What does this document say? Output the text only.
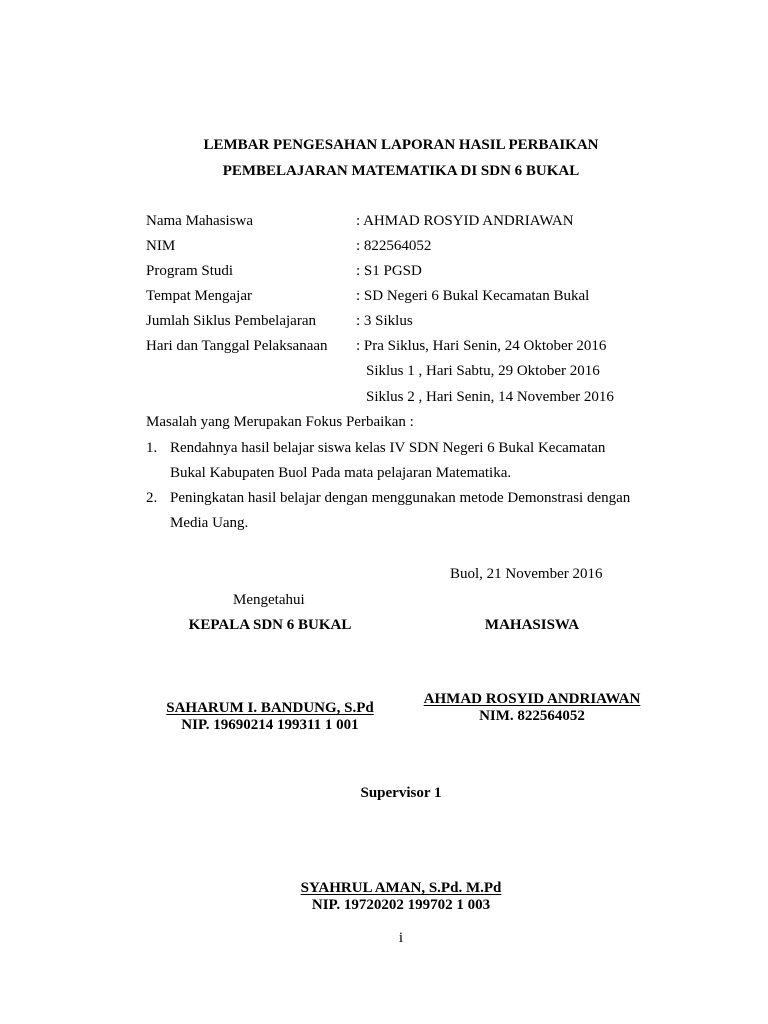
LEMBAR PENGESAHAN LAPORAN HASIL PERBAIKAN
PEMBELAJARAN MATEMATIKA DI SDN 6 BUKAL
Nama Mahasiswa	: AHMAD ROSYID ANDRIAWAN
NIM	: 822564052
Program Studi	: S1 PGSD
Tempat Mengajar	: SD Negeri 6 Bukal Kecamatan Bukal
Jumlah Siklus Pembelajaran	: 3 Siklus
Hari dan Tanggal Pelaksanaan : Pra Siklus, Hari Senin, 24 Oktober 2016
Siklus 1 , Hari Sabtu, 29 Oktober 2016
Siklus 2 , Hari Senin, 14 November 2016
Masalah yang Merupakan Fokus Perbaikan :
1. Rendahnya hasil belajar siswa kelas IV SDN Negeri 6 Bukal Kecamatan
Bukal Kabupaten Buol Pada mata pelajaran Matematika.
2. Peningkatan hasil belajar dengan menggunakan metode Demonstrasi dengan
Media Uang.
Buol, 21 November 2016
Mengetahui
KEPALA SDN 6 BUKAL	MAHASISWA
SAHARUM I. BANDUNG, S.Pd
NIP. 19690214 199311 1 001
AHMAD ROSYID ANDRIAWAN
NIM. 822564052
Supervisor 1
SYAHRUL AMAN, S.Pd. M.Pd
NIP. 19720202 199702 1 003
i
